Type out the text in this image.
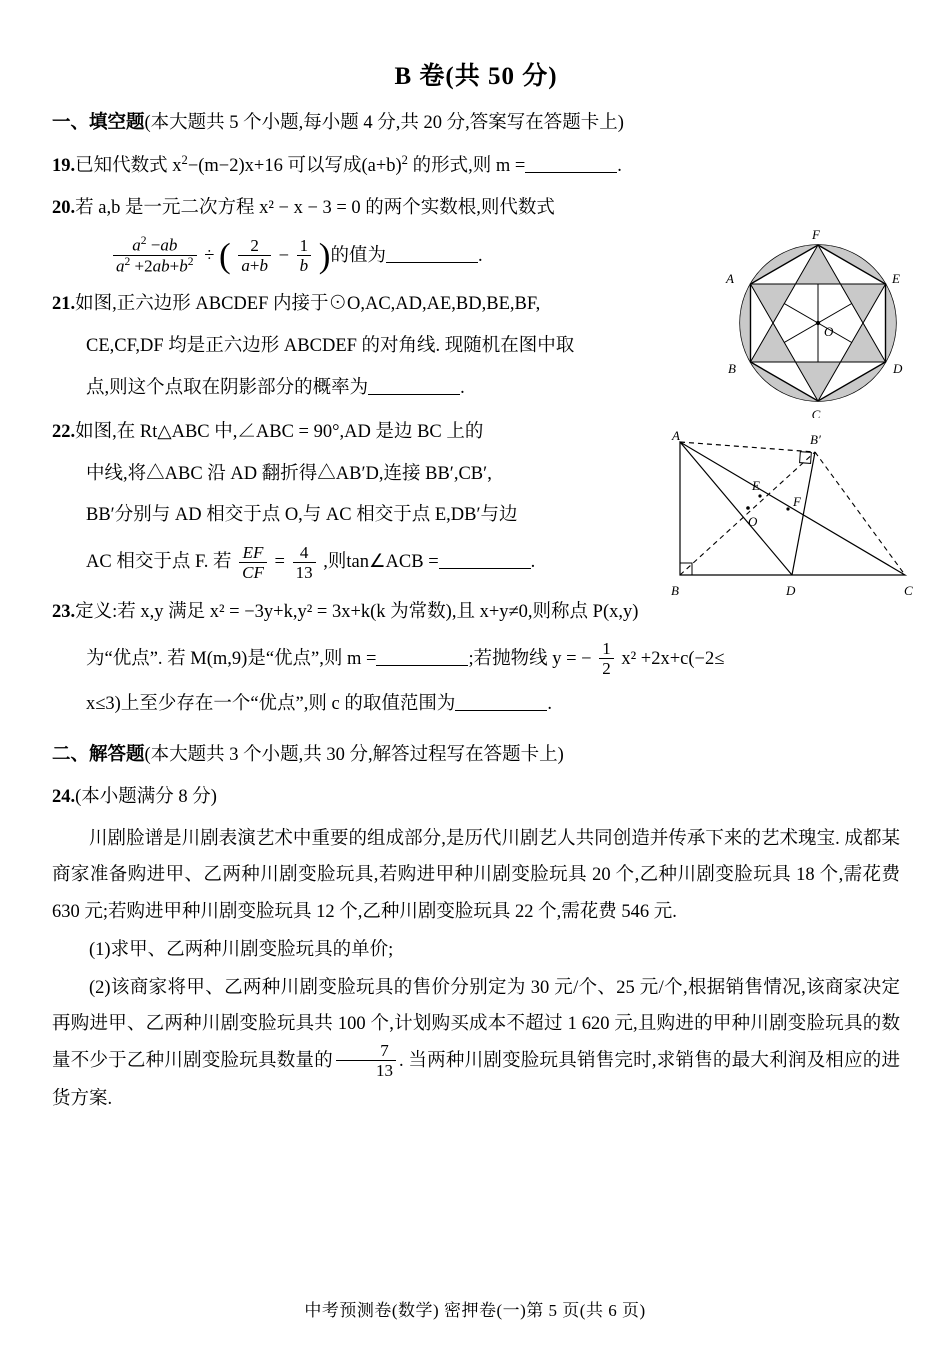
B 卷(共 50 分)
一、填空题(本大题共 5 个小题,每小题 4 分,共 20 分,答案写在答题卡上)
19.已知代数式 $x^2-(m-2)x+16$ 可以写成$(a+b)^2$ 的形式,则 m =	.
20.若 a,b 是一元二次方程 x² − x − 3 = 0 的两个实数根,则代数式
$\frac{a^2 -ab}{a^2 +2ab+b^2}$ ÷ ( $\frac{2}{a+b} - \frac{1}{b}$ )的值为	.
21.如图,正六边形 ABCDEF 内接于⊙O,AC,AD,AE,BD,BE,BF,
CE,CF,DF 均是正六边形 ABCDEF 的对角线. 现随机在图中取
点,则这个点取在阴影部分的概率为	.
22.如图,在 Rt△ABC 中,∠ABC = 90°,AD 是边 BC 上的
中线,将△ABC 沿 AD 翻折得△AB′D,连接 BB′,CB′,
BB′分别与 AD 相交于点 O,与 AC 相交于点 E,DB′与边
AC 相交于点 F. 若 $\frac{EF}{CF} = \frac{4}{13}$ ,则tan∠ACB =	.
23.定义:若 x,y 满足 x² = −3y+k,y² = 3x+k(k 为常数),且 x+y≠0,则称点 P(x,y)
为“优点”. 若 M(m,9)是“优点”,则 m =	;若抛物线 y = − $\frac{1}{2} x^2 +2x+c(-2\le$
x≤3)上至少存在一个“优点”,则 c 的取值范围为	.
二、解答题(本大题共 3 个小题,共 30 分,解答过程写在答题卡上)
24.(本小题满分 8 分)
川剧脸谱是川剧表演艺术中重要的组成部分,是历代川剧艺人共同创造并传承下来的艺术瑰宝. 成都某商家准备购进甲、乙两种川剧变脸玩具,若购进甲种川剧变脸玩具 20 个,乙种川剧变脸玩具 18 个,需花费 630 元;若购进甲种川剧变脸玩具 12 个,乙种川剧变脸玩具 22 个,需花费 546 元.
(1)求甲、乙两种川剧变脸玩具的单价;
(2)该商家将甲、乙两种川剧变脸玩具的售价分别定为 30 元/个、25 元/个,根据销售情况,该商家决定再购进甲、乙两种川剧变脸玩具共 100 个,计划购买成本不超过 1 620 元,且购进的甲种川剧变脸玩具的数量不少于乙种川剧变脸玩具数量的 $\frac{7}{13}$ . 当两种川剧变脸玩具销售完时,求销售的最大利润及相应的进货方案.
F
A	E
O
B	D
C
A	B′
E
F
O
B	D	C
中考预测卷(数学) 密押卷(一)第 5 页(共 6 页)
